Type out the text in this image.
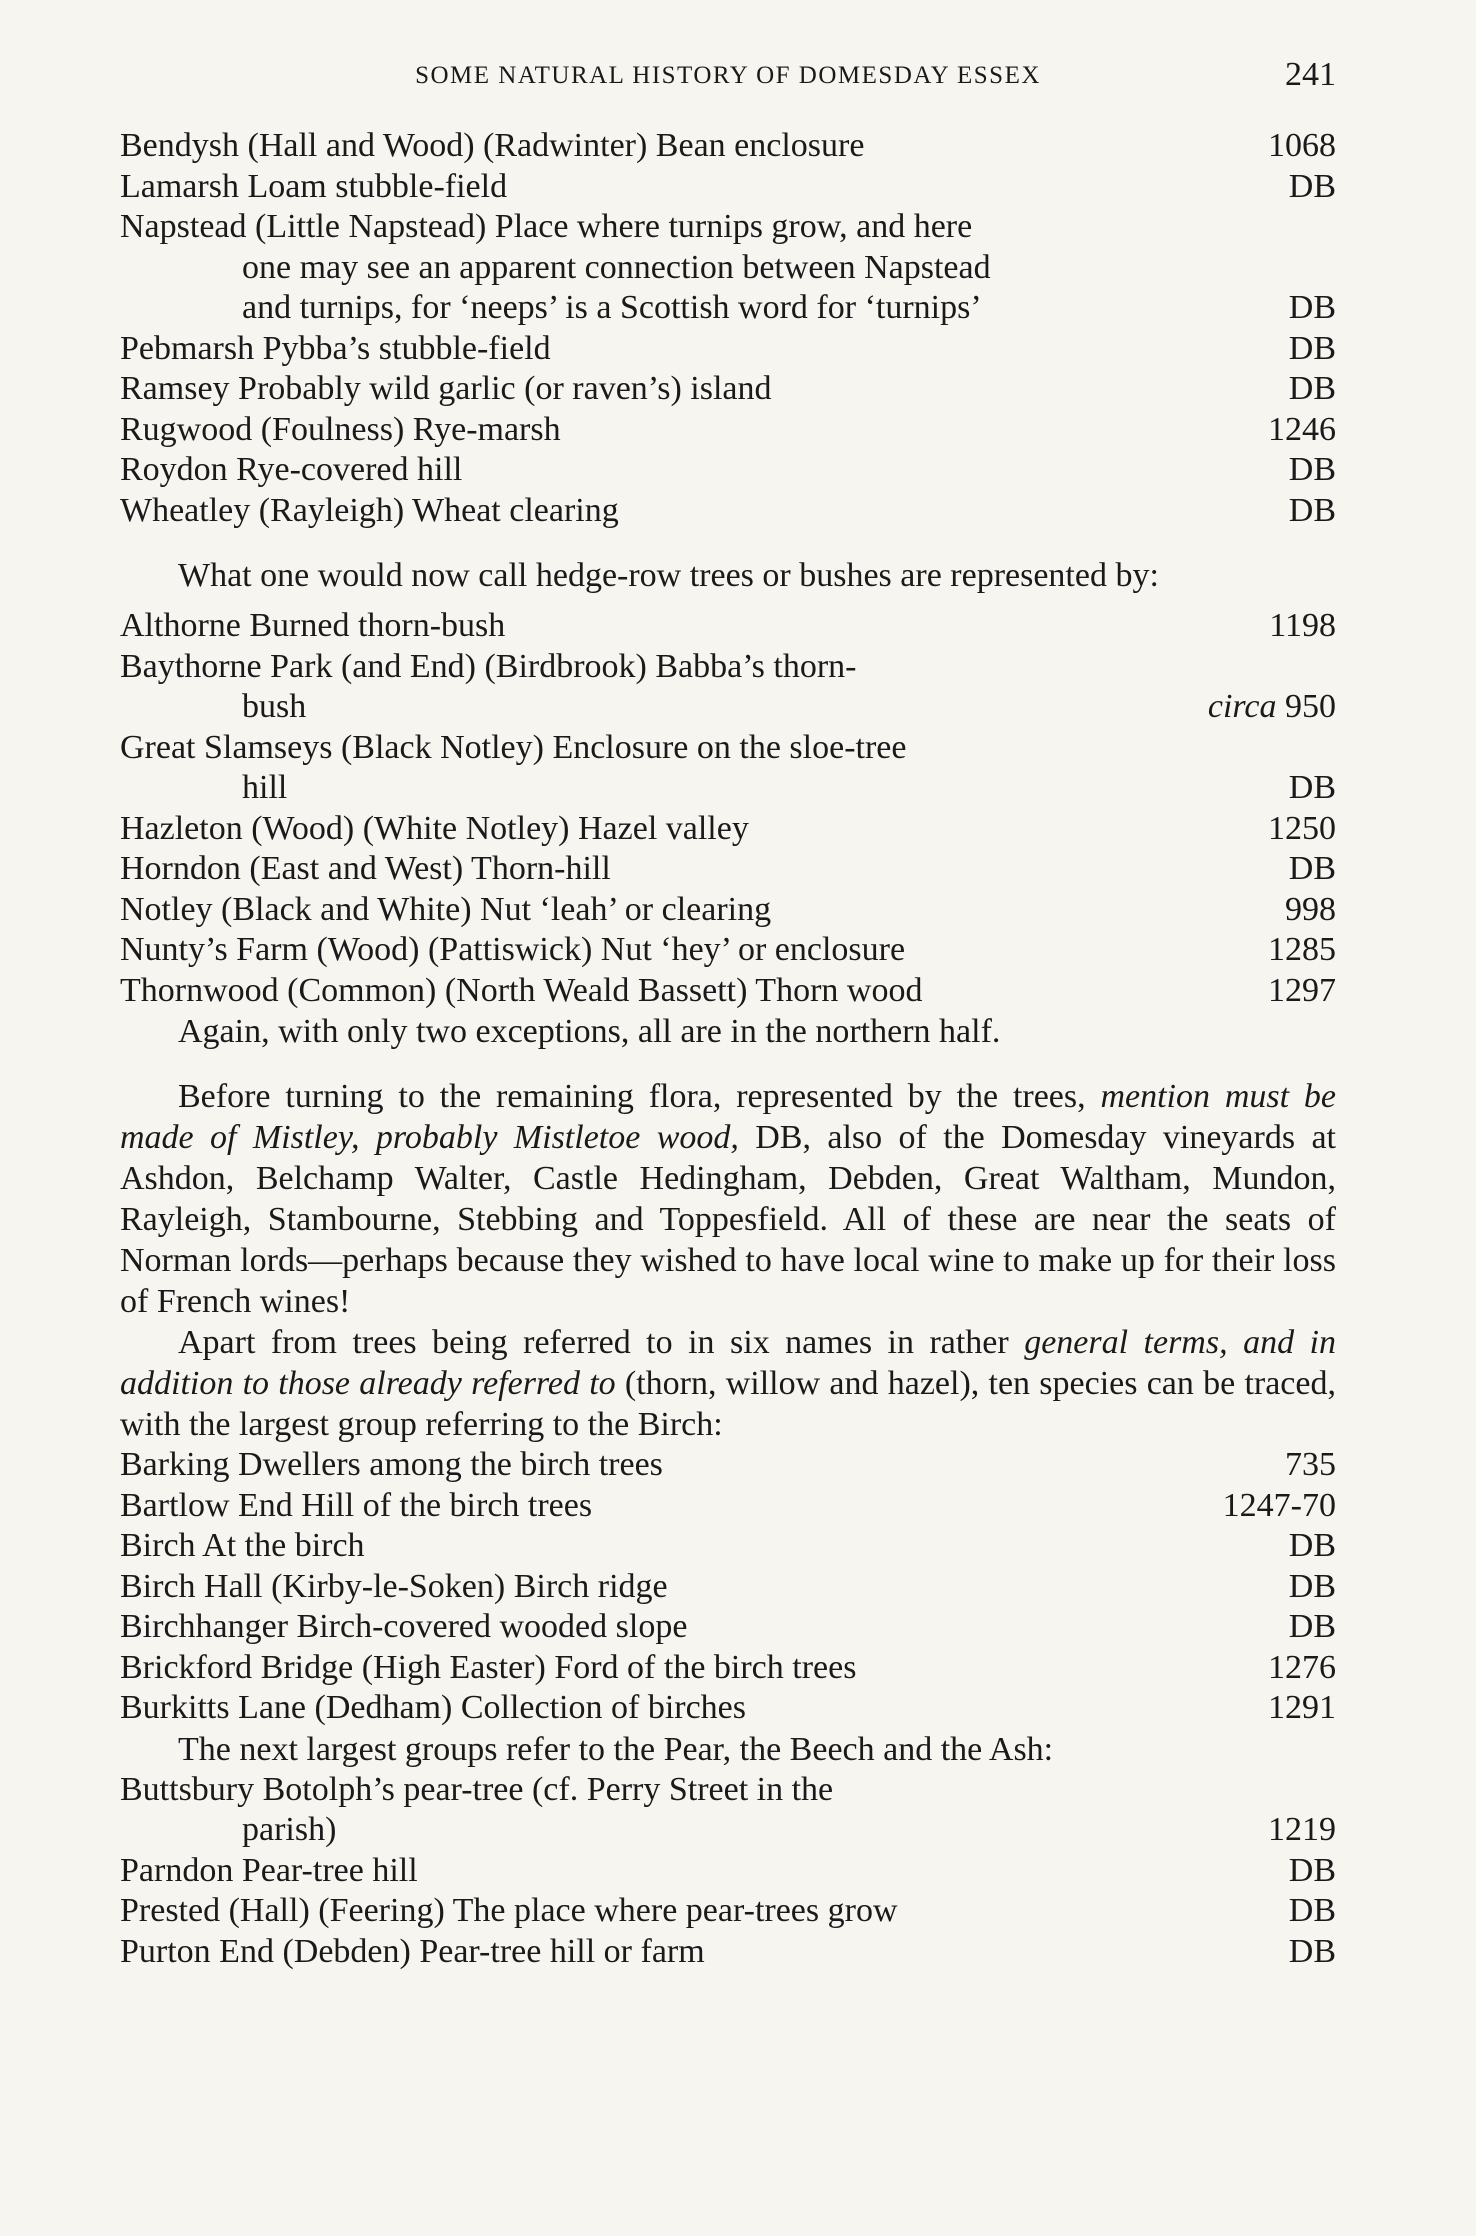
SOME NATURAL HISTORY OF DOMESDAY ESSEX	241
Bendysh (Hall and Wood) (Radwinter) Bean enclosure	1068
Lamarsh Loam stubble-field	DB
Napstead (Little Napstead) Place where turnips grow, and here
one may see an apparent connection between Napstead
and turnips, for ‘neeps’ is a Scottish word for ‘turnips’	DB
Pebmarsh Pybba’s stubble-field	DB
Ramsey Probably wild garlic (or raven’s) island	DB
Rugwood (Foulness) Rye-marsh	1246
Roydon Rye-covered hill	DB
Wheatley (Rayleigh) Wheat clearing	DB

What one would now call hedge-row trees or bushes are represented by:

Althorne Burned thorn-bush	1198
Baythorne Park (and End) (Birdbrook) Babba’s thorn-
bush	circa 950
Great Slamseys (Black Notley) Enclosure on the sloe-tree
hill	DB
Hazleton (Wood) (White Notley) Hazel valley	1250
Horndon (East and West) Thorn-hill	DB
Notley (Black and White) Nut ‘leah’ or clearing	998
Nunty’s Farm (Wood) (Pattiswick) Nut ‘hey’ or enclosure	1285
Thornwood (Common) (North Weald Bassett) Thorn wood	1297

Again, with only two exceptions, all are in the northern half.

Before turning to the remaining flora, represented by the trees, mention must be made of Mistley, probably Mistletoe wood, DB, also of the Domesday vineyards at Ashdon, Belchamp Walter, Castle Hedingham, Debden, Great Waltham, Mundon, Rayleigh, Stambourne, Stebbing and Toppesfield. All of these are near the seats of Norman lords—perhaps because they wished to have local wine to make up for their loss of French wines!

Apart from trees being referred to in six names in rather general terms, and in addition to those already referred to (thorn, willow and hazel), ten species can be traced, with the largest group referring to the Birch:

Barking Dwellers among the birch trees	735
Bartlow End Hill of the birch trees	1247-70
Birch At the birch	DB
Birch Hall (Kirby-le-Soken) Birch ridge	DB
Birchhanger Birch-covered wooded slope	DB
Brickford Bridge (High Easter) Ford of the birch trees	1276
Burkitts Lane (Dedham) Collection of birches	1291

The next largest groups refer to the Pear, the Beech and the Ash:

Buttsbury Botolph’s pear-tree (cf. Perry Street in the
parish)	1219
Parndon Pear-tree hill	DB
Prested (Hall) (Feering) The place where pear-trees grow	DB
Purton End (Debden) Pear-tree hill or farm	DB
